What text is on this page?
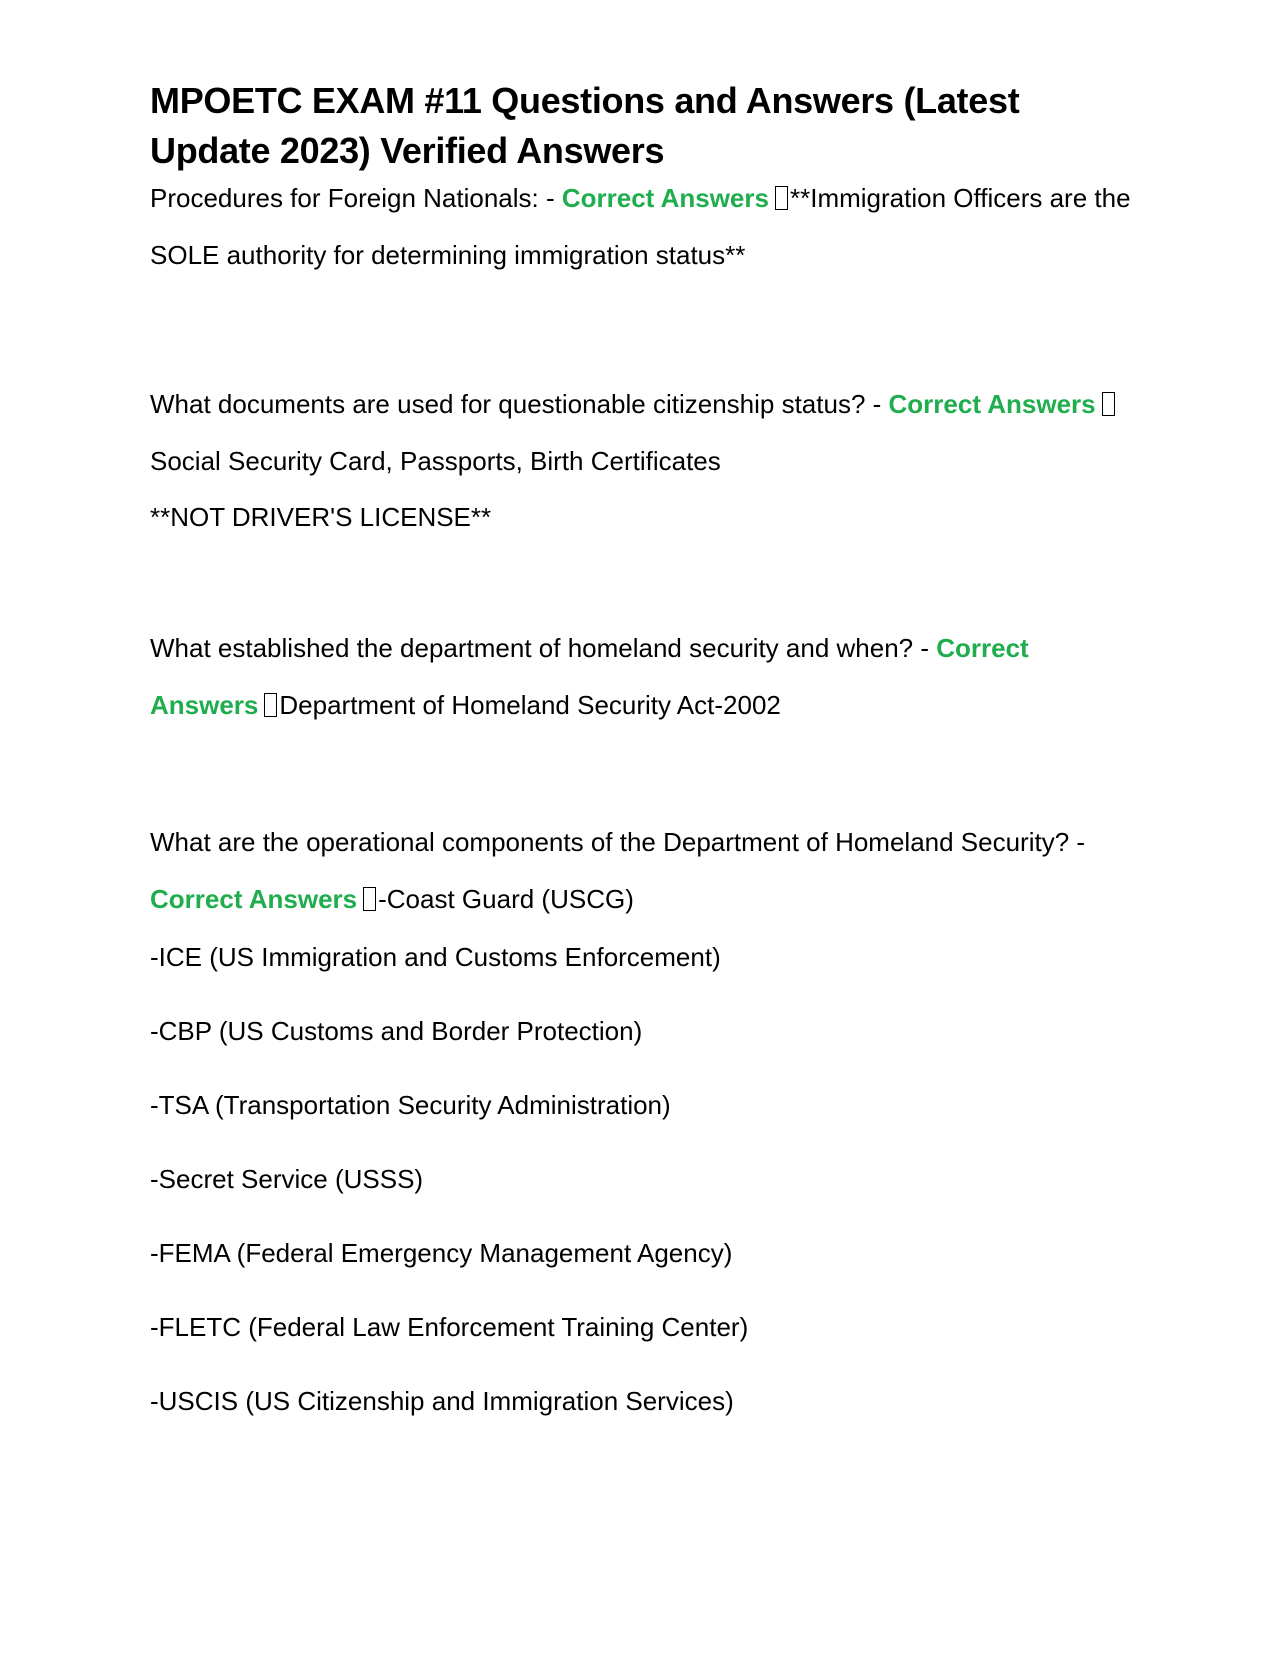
MPOETC EXAM #11 Questions and Answers (Latest Update 2023) Verified Answers

Procedures for Foreign Nationals: - Correct Answers **Immigration Officers are the SOLE authority for determining immigration status**

What documents are used for questionable citizenship status? - Correct AnswersSocial Security Card, Passports, Birth Certificates

**NOT DRIVER'S LICENSE**

What established the department of homeland security and when? - Correct Answers Department of Homeland Security Act-2002

What are the operational components of the Department of Homeland Security? - Correct Answers -Coast Guard (USCG)

-ICE (US Immigration and Customs Enforcement)

-CBP (US Customs and Border Protection)

-TSA (Transportation Security Administration)

-Secret Service (USSS)

-FEMA (Federal Emergency Management Agency)

-FLETC (Federal Law Enforcement Training Center)

-USCIS (US Citizenship and Immigration Services)
